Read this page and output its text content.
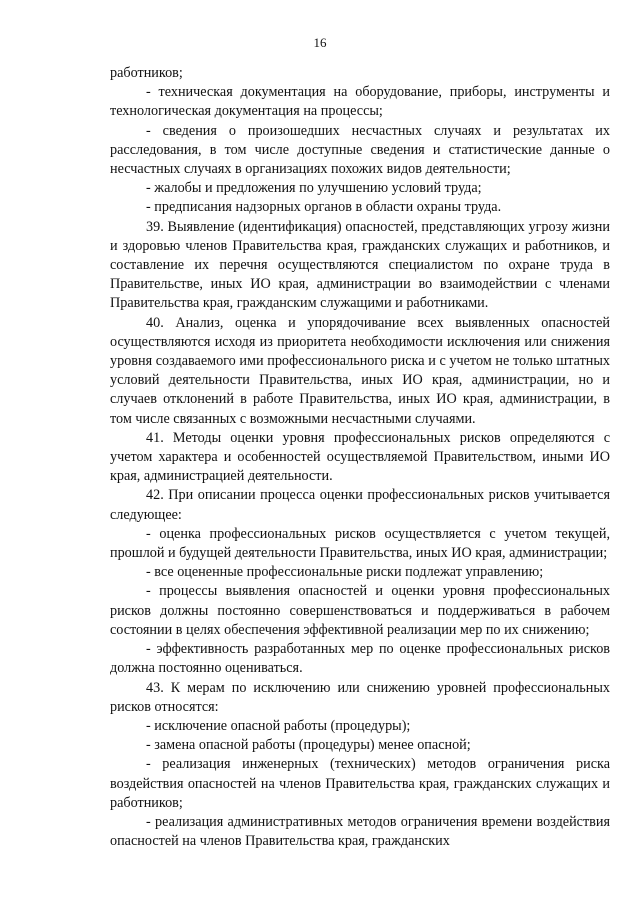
16

работников;

- техническая документация на оборудование, приборы, инструменты и технологическая документация на процессы;

- сведения о произошедших несчастных случаях и результатах их расследования, в том числе доступные сведения и статистические данные о несчастных случаях в организациях похожих видов деятельности;

- жалобы и предложения по улучшению условий труда;

- предписания надзорных органов в области охраны труда.

39. Выявление (идентификация) опасностей, представляющих угрозу жизни и здоровью членов Правительства края, гражданских служащих и работников, и составление их перечня осуществляются специалистом по охране труда в Правительстве, иных ИО края, администрации во взаимодействии с членами Правительства края, гражданским служащими и работниками.

40. Анализ, оценка и упорядочивание всех выявленных опасностей осуществляются исходя из приоритета необходимости исключения или снижения уровня создаваемого ими профессионального риска и с учетом не только штатных условий деятельности Правительства, иных ИО края, администрации, но и случаев отклонений в работе Правительства, иных ИО края, администрации, в том числе связанных с возможными несчастными случаями.

41. Методы оценки уровня профессиональных рисков определяются с учетом характера и особенностей осуществляемой Правительством, иными ИО края, администрацией деятельности.

42. При описании процесса оценки профессиональных рисков учитывается следующее:

- оценка профессиональных рисков осуществляется с учетом текущей, прошлой и будущей деятельности Правительства, иных ИО края, администрации;

- все оцененные профессиональные риски подлежат управлению;

- процессы выявления опасностей и оценки уровня профессиональных рисков должны постоянно совершенствоваться и поддерживаться в рабочем состоянии в целях обеспечения эффективной реализации мер по их снижению;

- эффективность разработанных мер по оценке профессиональных рисков должна постоянно оцениваться.

43. К мерам по исключению или снижению уровней профессиональных рисков относятся:

- исключение опасной работы (процедуры);

- замена опасной работы (процедуры) менее опасной;

- реализация инженерных (технических) методов ограничения риска воздействия опасностей на членов Правительства края, гражданских служащих и работников;

- реализация административных методов ограничения времени воздействия опасностей на членов Правительства края, гражданских
